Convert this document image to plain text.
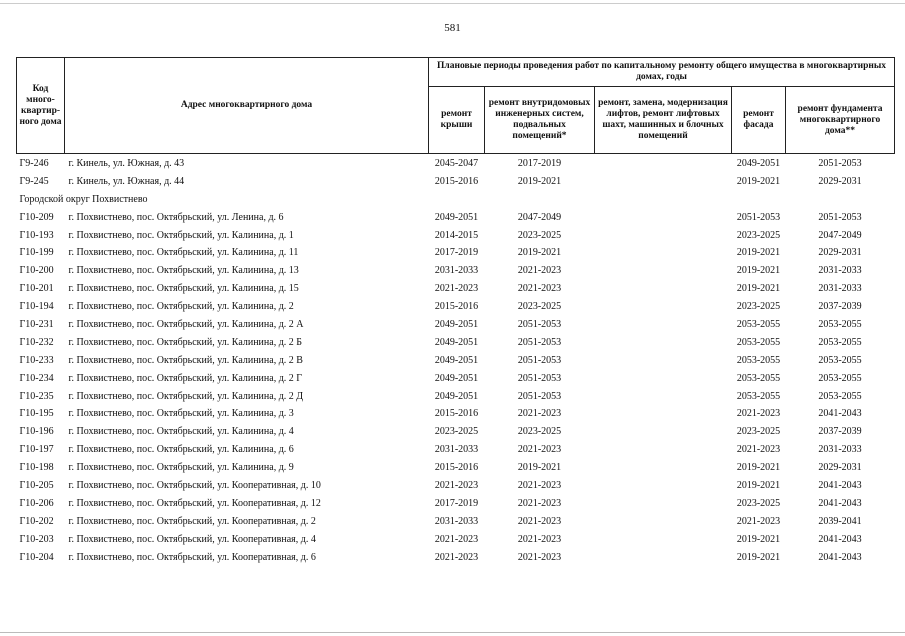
581
Код много-квартир-ного дома	Адрес многоквартирного дома	Плановые периоды проведения работ по капитальному ремонту общего имущества в многоквартирных домах, годы				
		ремонт крыши	ремонт внутридомовых инженерных систем, подвальных помещений*	ремонт, замена, модернизация лифтов, ремонт лифтовых шахт, машинных и блочных помещений	ремонт фасада	ремонт фундамента многоквартирного дома**
Г9-246	г. Кинель, ул. Южная, д. 43	2045-2047	2017-2019		2049-2051	2051-2053
Г9-245	г. Кинель, ул. Южная, д. 44	2015-2016	2019-2021		2019-2021	2029-2031
Городской округ Похвистнево						
Г10-209	г. Похвистнево, пос. Октябрьский, ул. Ленина, д. 6	2049-2051	2047-2049		2051-2053	2051-2053
Г10-193	г. Похвистнево, пос. Октябрьский, ул. Калинина, д. 1	2014-2015	2023-2025		2023-2025	2047-2049
Г10-199	г. Похвистнево, пос. Октябрьский, ул. Калинина, д. 11	2017-2019	2019-2021		2019-2021	2029-2031
Г10-200	г. Похвистнево, пос. Октябрьский, ул. Калинина, д. 13	2031-2033	2021-2023		2019-2021	2031-2033
Г10-201	г. Похвистнево, пос. Октябрьский, ул. Калинина, д. 15	2021-2023	2021-2023		2019-2021	2031-2033
Г10-194	г. Похвистнево, пос. Октябрьский, ул. Калинина, д. 2	2015-2016	2023-2025		2023-2025	2037-2039
Г10-231	г. Похвистнево, пос. Октябрьский, ул. Калинина, д. 2 А	2049-2051	2051-2053		2053-2055	2053-2055
Г10-232	г. Похвистнево, пос. Октябрьский, ул. Калинина, д. 2 Б	2049-2051	2051-2053		2053-2055	2053-2055
Г10-233	г. Похвистнево, пос. Октябрьский, ул. Калинина, д. 2 В	2049-2051	2051-2053		2053-2055	2053-2055
Г10-234	г. Похвистнево, пос. Октябрьский, ул. Калинина, д. 2 Г	2049-2051	2051-2053		2053-2055	2053-2055
Г10-235	г. Похвистнево, пос. Октябрьский, ул. Калинина, д. 2 Д	2049-2051	2051-2053		2053-2055	2053-2055
Г10-195	г. Похвистнево, пос. Октябрьский, ул. Калинина, д. 3	2015-2016	2021-2023		2021-2023	2041-2043
Г10-196	г. Похвистнево, пос. Октябрьский, ул. Калинина, д. 4	2023-2025	2023-2025		2023-2025	2037-2039
Г10-197	г. Похвистнево, пос. Октябрьский, ул. Калинина, д. 6	2031-2033	2021-2023		2021-2023	2031-2033
Г10-198	г. Похвистнево, пос. Октябрьский, ул. Калинина, д. 9	2015-2016	2019-2021		2019-2021	2029-2031
Г10-205	г. Похвистнево, пос. Октябрьский, ул. Кооперативная, д. 10	2021-2023	2021-2023		2019-2021	2041-2043
Г10-206	г. Похвистнево, пос. Октябрьский, ул. Кооперативная, д. 12	2017-2019	2021-2023		2023-2025	2041-2043
Г10-202	г. Похвистнево, пос. Октябрьский, ул. Кооперативная, д. 2	2031-2033	2021-2023		2021-2023	2039-2041
Г10-203	г. Похвистнево, пос. Октябрьский, ул. Кооперативная, д. 4	2021-2023	2021-2023		2019-2021	2041-2043
Г10-204	г. Похвистнево, пос. Октябрьский, ул. Кооперативная, д. 6	2021-2023	2021-2023		2019-2021	2041-2043
